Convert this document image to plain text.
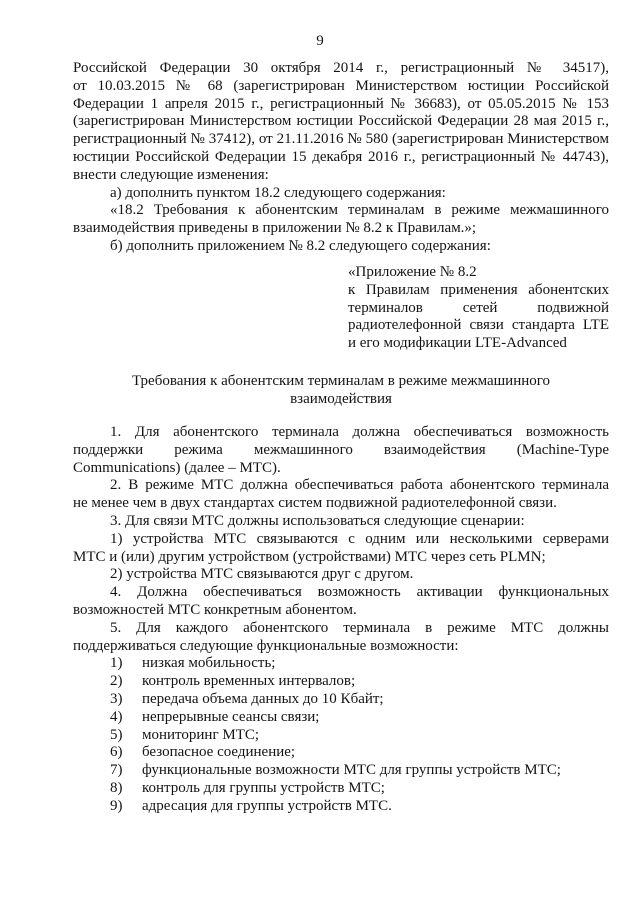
9

Российской Федерации 30 октября 2014 г., регистрационный № 34517),

от 10.03.2015 № 68 (зарегистрирован Министерством юстиции Российской

Федерации 1 апреля 2015 г., регистрационный № 36683), от 05.05.2015 № 153

(зарегистрирован Министерством юстиции Российской Федерации 28 мая 2015 г.,

регистрационный № 37412), от 21.11.2016 № 580 (зарегистрирован Министерством

юстиции Российской Федерации 15 декабря 2016 г., регистрационный № 44743),

внести следующие изменения:

а) дополнить пунктом 18.2 следующего содержания:

«18.2 Требования к абонентским терминалам в режиме межмашинного

взаимодействия приведены в приложении № 8.2 к Правилам.»;

б) дополнить приложением № 8.2 следующего содержания:

«Приложение № 8.2

к Правилам применения абонентских

терминалов сетей подвижной

радиотелефонной связи стандарта LTE

и его модификации LTE-Advanced

Требования к абонентским терминалам в режиме межмашинного
взаимодействия

1. Для абонентского терминала должна обеспечиваться возможность

поддержки режима межмашинного взаимодействия (Machine-Type

Communications) (далее – МТС).

2. В режиме МТС должна обеспечиваться работа абонентского терминала

не менее чем в двух стандартах систем подвижной радиотелефонной связи.

3. Для связи МТС должны использоваться следующие сценарии:

1) устройства МТС связываются с одним или несколькими серверами

МТС и (или) другим устройством (устройствами) МТС через сеть PLMN;

2) устройства МТС связываются друг с другом.

4. Должна обеспечиваться возможность активации функциональных

возможностей МТС конкретным абонентом.

5. Для каждого абонентского терминала в режиме МТС должны

поддерживаться следующие функциональные возможности:

1) низкая мобильность;

2) контроль временных интервалов;

3) передача объема данных до 10 Кбайт;

4) непрерывные сеансы связи;

5) мониторинг МТС;

6) безопасное соединение;

7) функциональные возможности МТС для группы устройств МТС;

8) контроль для группы устройств МТС;

9) адресация для группы устройств МТС.
